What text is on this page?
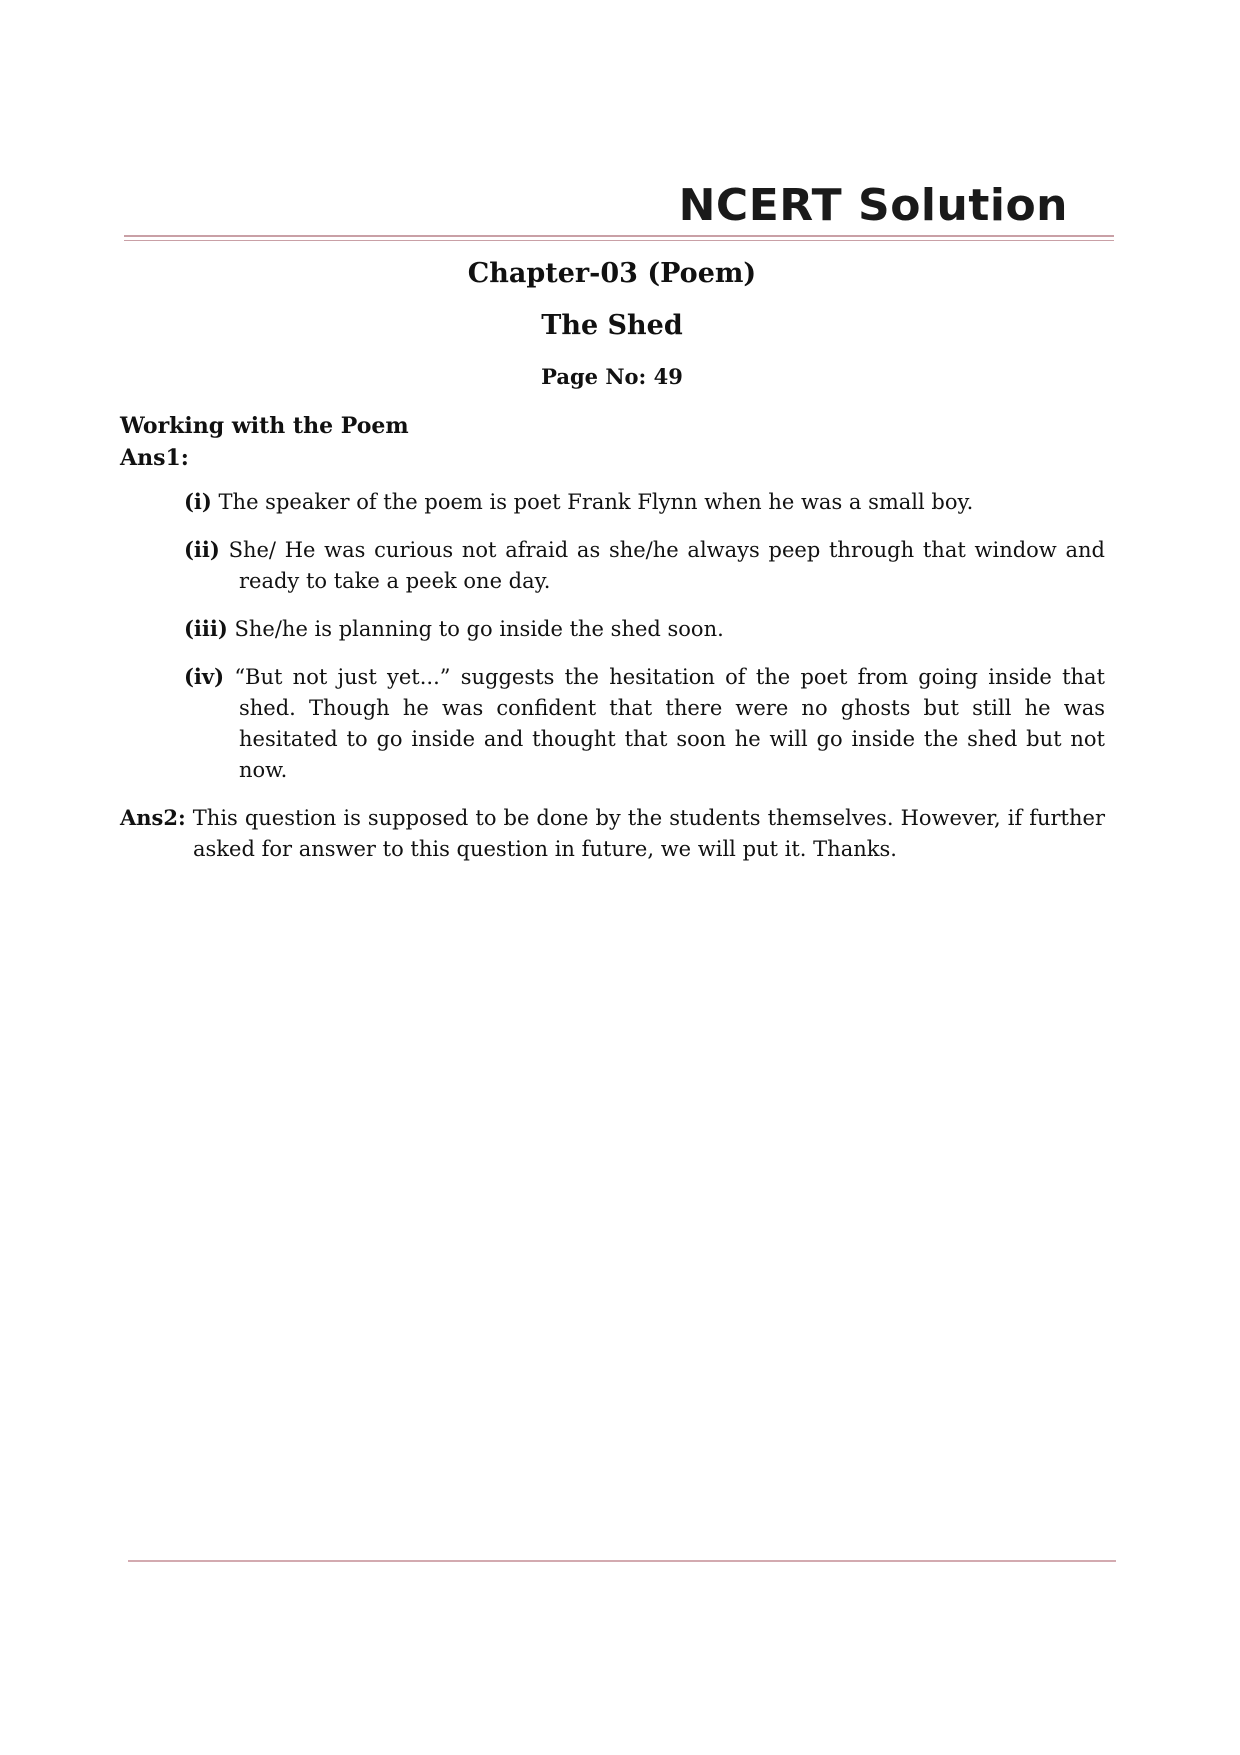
NCERT Solution
Chapter-03 (Poem)
The Shed
Page No: 49
Working with the Poem
Ans1:
(i) The speaker of the poem is poet Frank Flynn when he was a small boy.
(ii) She/ He was curious not afraid as she/he always peep through that window and ready to take a peek one day.
(iii) She/he is planning to go inside the shed soon.
(iv) “But not just yet...” suggests the hesitation of the poet from going inside that shed. Though he was confident that there were no ghosts but still he was hesitated to go inside and thought that soon he will go inside the shed but not now.
Ans2: This question is supposed to be done by the students themselves. However, if further asked for answer to this question in future, we will put it. Thanks.
